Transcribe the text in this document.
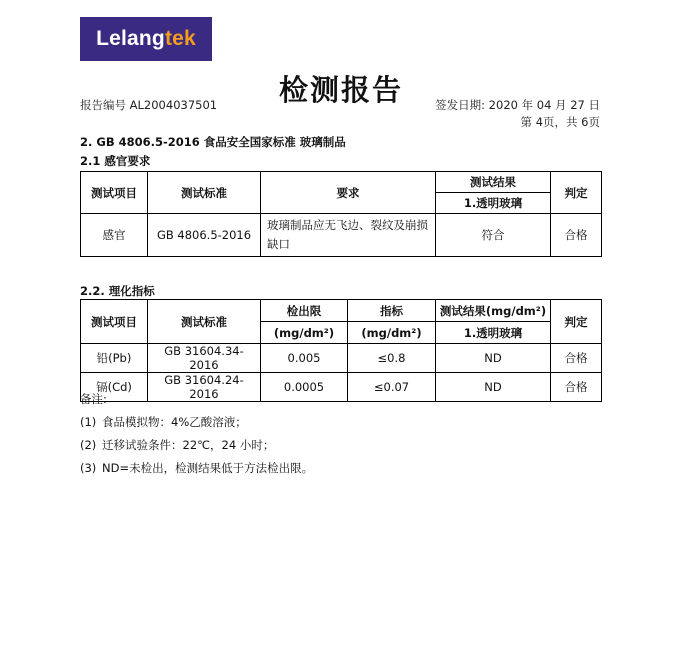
Lelang tek
检测报告
报告编号 AL2004037501	签发日期: 2020 年 04 月 27 日
第 4页，共 6页
2. GB 4806.5-2016 食品安全国家标准 玻璃制品
2.1 感官要求
测试项目	测试标准	要求	测试结果	判定
			1.透明玻璃	
感官	GB 4806.5-2016	玻璃制品应无飞边、裂纹及崩损缺口	符合	合格
2.2. 理化指标
测试项目	测试标准	检出限	指标	测试结果(mg/dm²)	判定
		(mg/dm²)	(mg/dm²)	1.透明玻璃	
铅(Pb)	GB 31604.34-2016	0.005	≤0.8	ND	合格
镉(Cd)	GB 31604.24-2016	0.0005	≤0.07	ND	合格
备注:
(1) 食品模拟物：4%乙酸溶液；
(2) 迁移试验条件：22℃，24 小时；
(3) ND=未检出，检测结果低于方法检出限。
